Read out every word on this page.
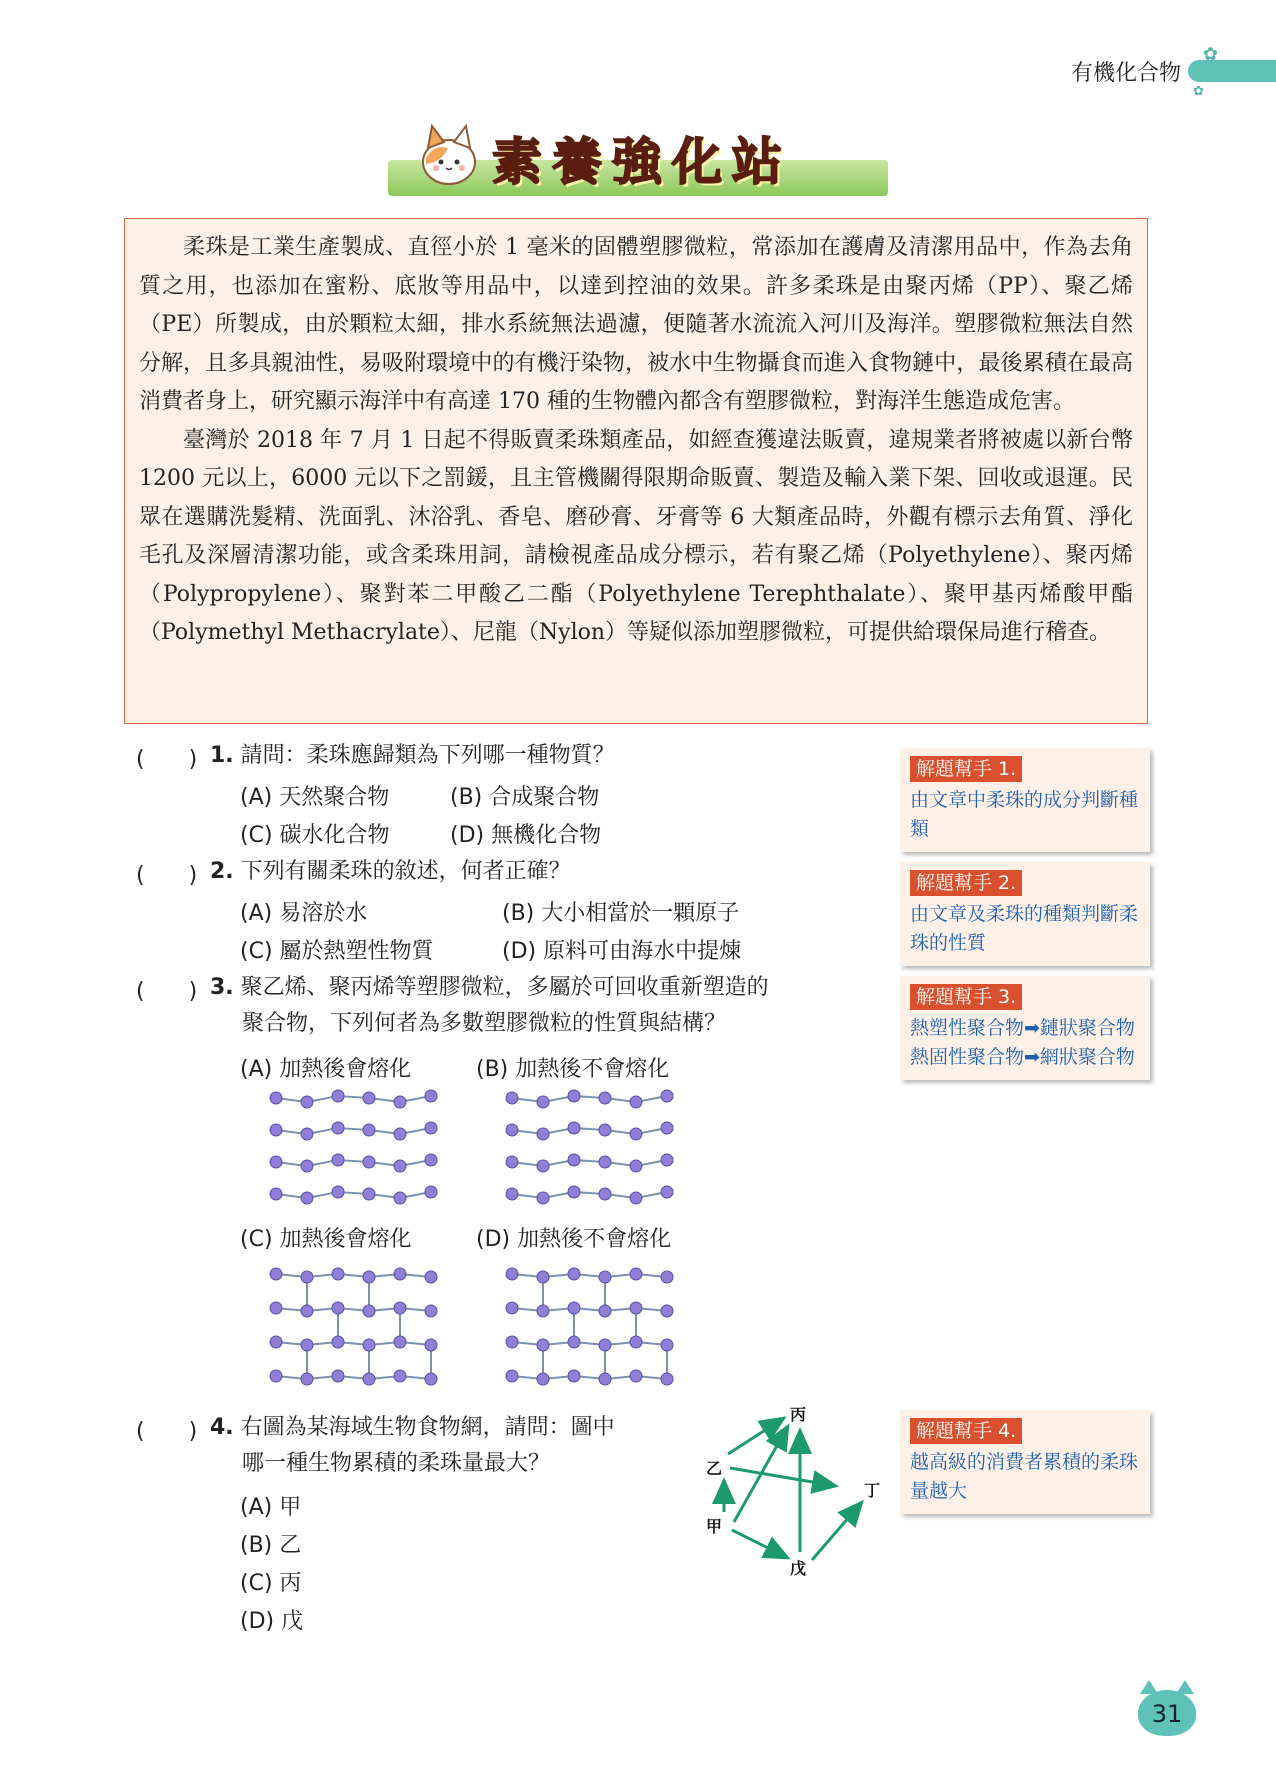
有機化合物
✿
✿
素養強化站

柔珠是工業生產製成、直徑小於 1 毫米的固體塑膠微粒，常添加在護膚及清潔用品中，作為去角質之用，也添加在蜜粉、底妝等用品中，以達到控油的效果。許多柔珠是由聚丙烯（PP）、聚乙烯（PE）所製成，由於顆粒太細，排水系統無法過濾，便隨著水流流入河川及海洋。塑膠微粒無法自然分解，且多具親油性，易吸附環境中的有機汙染物，被水中生物攝食而進入食物鏈中，最後累積在最高消費者身上，研究顯示海洋中有高達 170 種的生物體內都含有塑膠微粒，對海洋生態造成危害。

臺灣於 2018 年 7 月 1 日起不得販賣柔珠類產品，如經查獲違法販賣，違規業者將被處以新台幣 1200 元以上，6000 元以下之罰鍰，且主管機關得限期命販賣、製造及輸入業下架、回收或退運。民眾在選購洗髮精、洗面乳、沐浴乳、香皂、磨砂膏、牙膏等 6 大類產品時，外觀有標示去角質、淨化毛孔及深層清潔功能，或含柔珠用詞，請檢視產品成分標示，若有聚乙烯（Polyethylene）、聚丙烯（Polypropylene）、聚對苯二甲酸乙二酯（Polyethylene Terephthalate）、聚甲基丙烯酸甲酯（Polymethyl Methacrylate）、尼龍（Nylon）等疑似添加塑膠微粒，可提供給環保局進行稽查。

(　　) 1. 請問：柔珠應歸類為下列哪一種物質？
(A) 天然聚合物	(B) 合成聚合物
(C) 碳水化合物	(D) 無機化合物
(　　) 2. 下列有關柔珠的敘述，何者正確？
(A) 易溶於水	(B) 大小相當於一顆原子
(C) 屬於熱塑性物質	(D) 原料可由海水中提煉
(　　) 3. 聚乙烯、聚丙烯等塑膠微粒，多屬於可回收重新塑造的
聚合物，下列何者為多數塑膠微粒的性質與結構？
(A) 加熱後會熔化	(B) 加熱後不會熔化
(C) 加熱後會熔化	(D) 加熱後不會熔化
(　　) 4. 右圖為某海域生物食物網，請問：圖中
哪一種生物累積的柔珠量最大？
(A) 甲
(B) 乙
(C) 丙
(D) 戊
丙
乙
丁
甲
戊
解題幫手 1.
由文章中柔珠的成分判斷種類
解題幫手 2.
由文章及柔珠的種類判斷柔珠的性質
解題幫手 3.
熱塑性聚合物➡鏈狀聚合物
熱固性聚合物➡網狀聚合物
解題幫手 4.
越高級的消費者累積的柔珠量越大
31
